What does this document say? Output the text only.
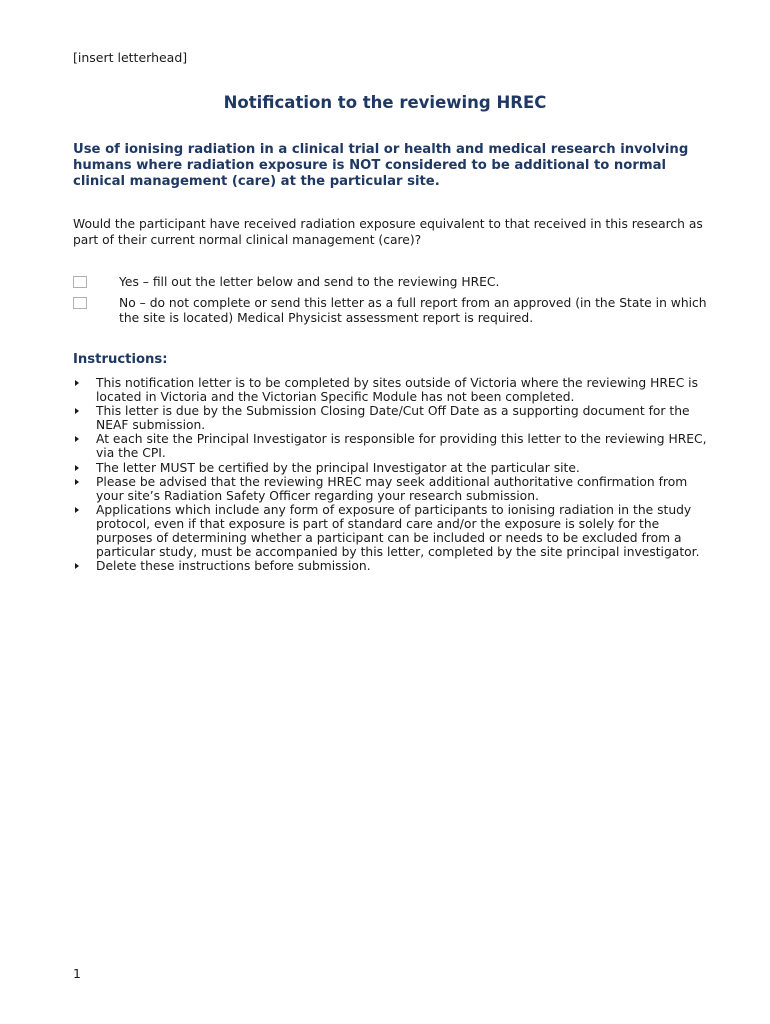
[insert letterhead]
Notification to the reviewing HREC
Use of ionising radiation in a clinical trial or health and medical research involving humans where radiation exposure is NOT considered to be additional to normal clinical management (care) at the particular site.
Would the participant have received radiation exposure equivalent to that received in this research as part of their current normal clinical management (care)?
Yes – fill out the letter below and send to the reviewing HREC.
No – do not complete or send this letter as a full report from an approved (in the State in which the site is located) Medical Physicist assessment report is required.
Instructions:
This notification letter is to be completed by sites outside of Victoria where the reviewing HREC is located in Victoria and the Victorian Specific Module has not been completed.
This letter is due by the Submission Closing Date/Cut Off Date as a supporting document for the NEAF submission.
At each site the Principal Investigator is responsible for providing this letter to the reviewing HREC, via the CPI.
The letter MUST be certified by the principal Investigator at the particular site.
Please be advised that the reviewing HREC may seek additional authoritative confirmation from your site’s Radiation Safety Officer regarding your research submission.
Applications which include any form of exposure of participants to ionising radiation in the study protocol, even if that exposure is part of standard care and/or the exposure is solely for the purposes of determining whether a participant can be included or needs to be excluded from a particular study, must be accompanied by this letter, completed by the site principal investigator.
Delete these instructions before submission.
1
